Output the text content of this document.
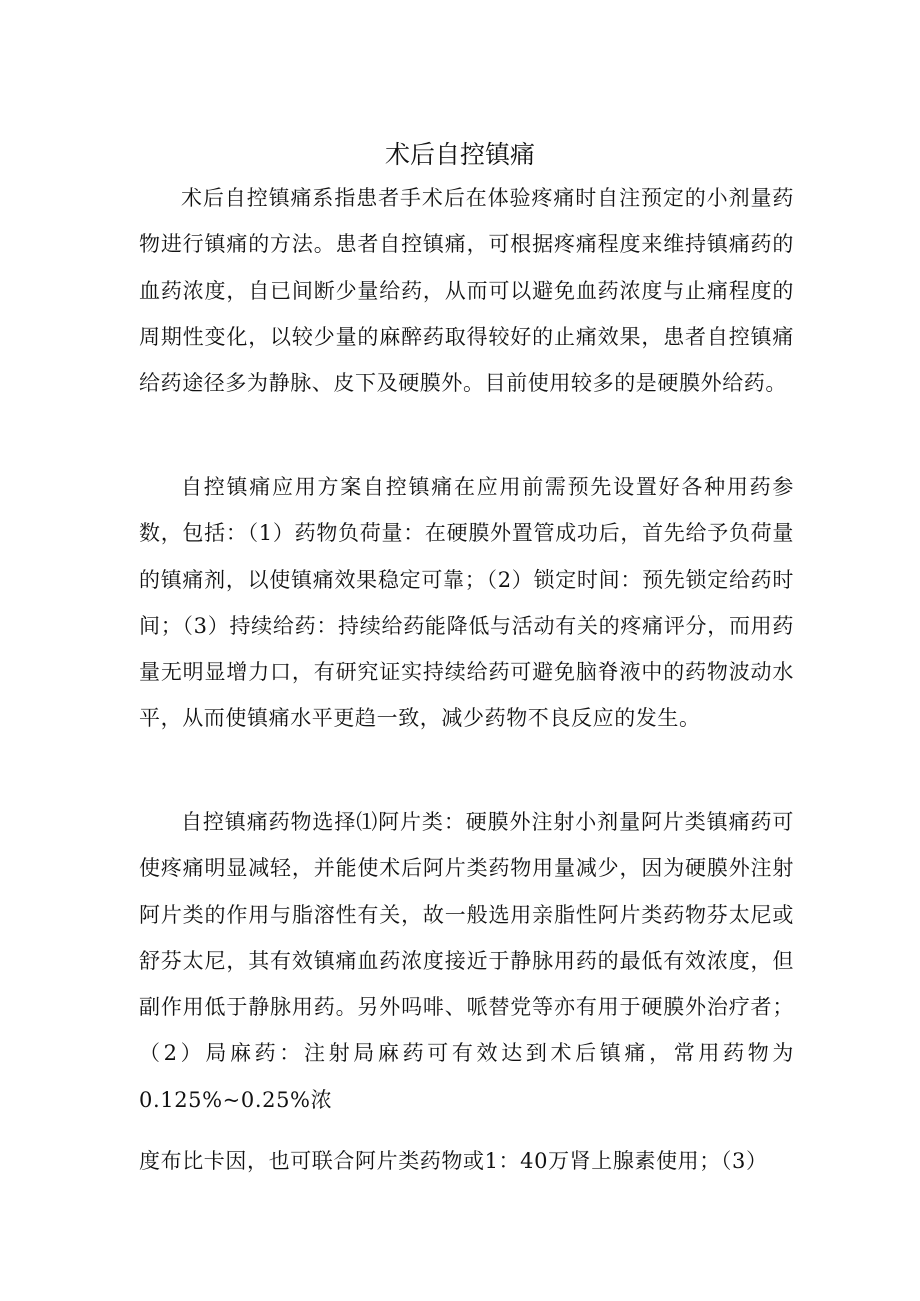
术后自控镇痛

术后自控镇痛系指患者手术后在体验疼痛时自注预定的小剂量药物进行镇痛的方法。患者自控镇痛，可根据疼痛程度来维持镇痛药的血药浓度，自已间断少量给药，从而可以避免血药浓度与止痛程度的周期性变化，以较少量的麻醉药取得较好的止痛效果，患者自控镇痛给药途径多为静脉、皮下及硬膜外。目前使用较多的是硬膜外给药。

自控镇痛应用方案自控镇痛在应用前需预先设置好各种用药参数，包括：（1）药物负荷量：在硬膜外置管成功后，首先给予负荷量的镇痛剂，以使镇痛效果稳定可靠；（2）锁定时间：预先锁定给药时间；（3）持续给药：持续给药能降低与活动有关的疼痛评分，而用药量无明显增力口，有研究证实持续给药可避免脑脊液中的药物波动水平，从而使镇痛水平更趋一致，减少药物不良反应的发生。

自控镇痛药物选择⑴阿片类：硬膜外注射小剂量阿片类镇痛药可使疼痛明显减轻，并能使术后阿片类药物用量减少，因为硬膜外注射阿片类的作用与脂溶性有关，故一般选用亲脂性阿片类药物芬太尼或舒芬太尼，其有效镇痛血药浓度接近于静脉用药的最低有效浓度，但副作用低于静脉用药。另外吗啡、哌替党等亦有用于硬膜外治疗者；（2）局麻药：注射局麻药可有效达到术后镇痛，常用药物为0.125%~0.25%浓

度布比卡因，也可联合阿片类药物或1：40万肾上腺素使用；（3）
